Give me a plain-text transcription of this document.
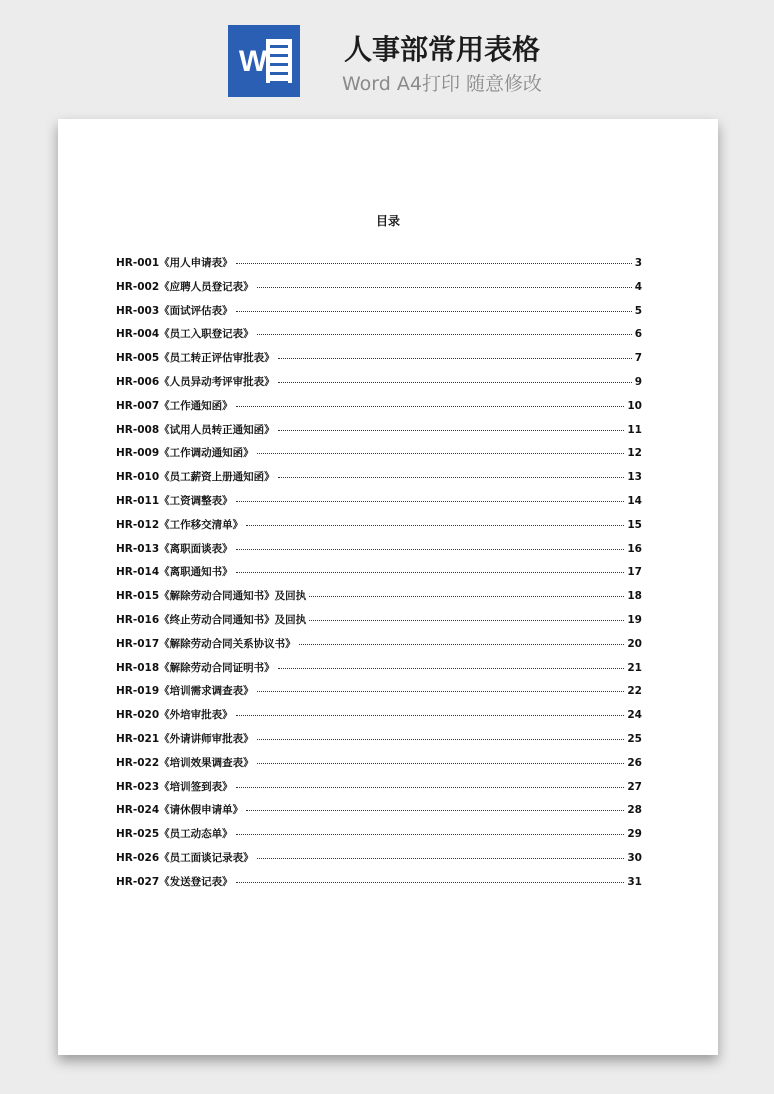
W	人事部常用表格
Word A4打印 随意修改
目录
HR-001《用人申请表》	3
HR-002《应聘人员登记表》	4
HR-003《面试评估表》	5
HR-004《员工入职登记表》	6
HR-005《员工转正评估审批表》	7
HR-006《人员异动考评审批表》	9
HR-007《工作通知函》	10
HR-008《试用人员转正通知函》	11
HR-009《工作调动通知函》	12
HR-010《员工薪资上册通知函》	13
HR-011《工资调整表》	14
HR-012《工作移交清单》	15
HR-013《离职面谈表》	16
HR-014《离职通知书》	17
HR-015《解除劳动合同通知书》及回执	18
HR-016《终止劳动合同通知书》及回执	19
HR-017《解除劳动合同关系协议书》	20
HR-018《解除劳动合同证明书》	21
HR-019《培训需求调查表》	22
HR-020《外培审批表》	24
HR-021《外请讲师审批表》	25
HR-022《培训效果调查表》	26
HR-023《培训签到表》	27
HR-024《请休假申请单》	28
HR-025《员工动态单》	29
HR-026《员工面谈记录表》	30
HR-027《发送登记表》	31
